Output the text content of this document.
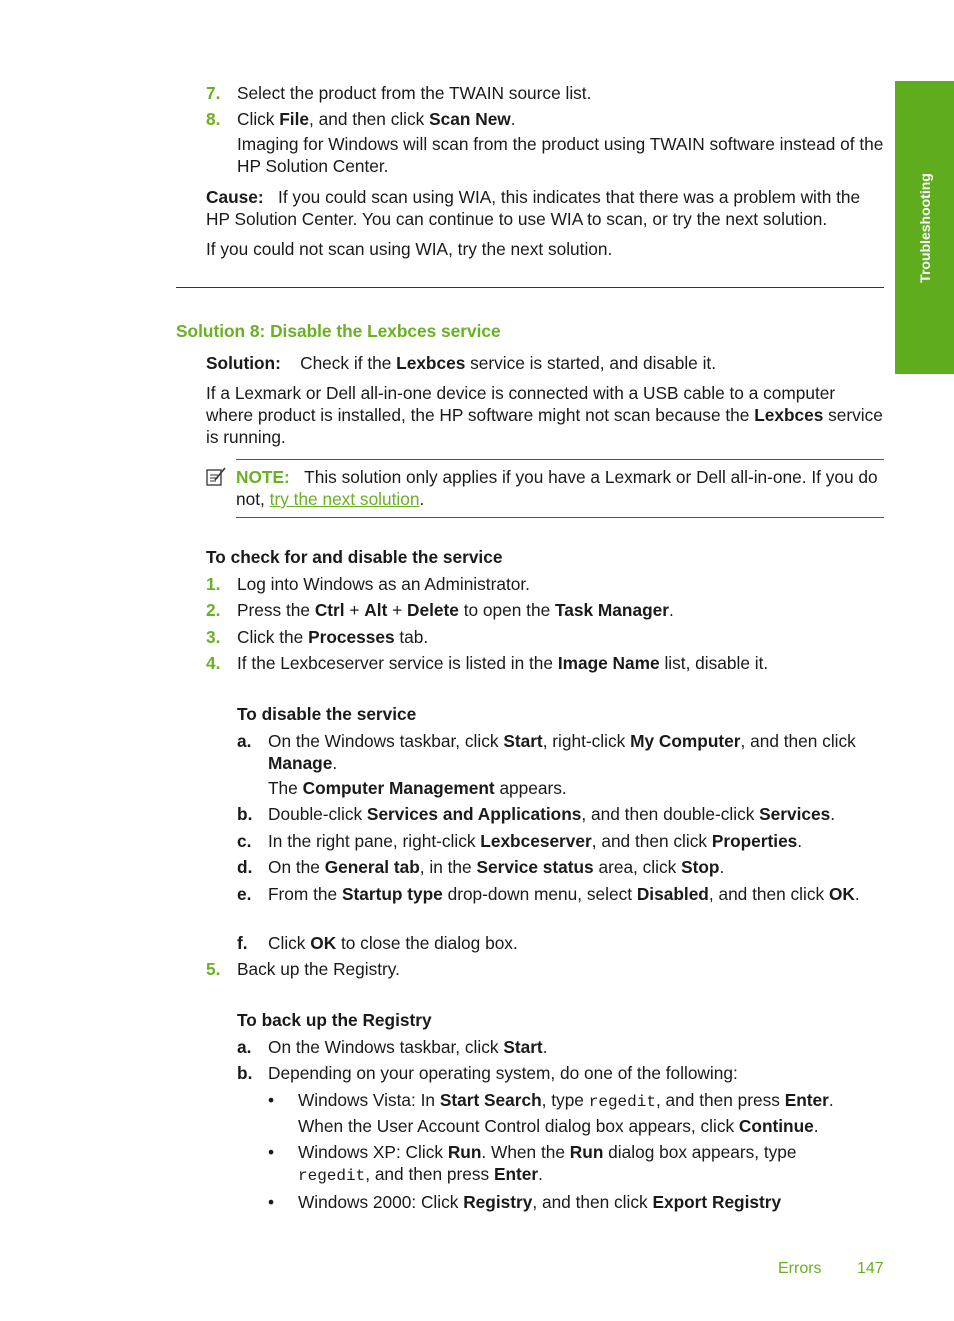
Troubleshooting
7. Select the product from the TWAIN source list.
8. Click File, and then click Scan New.
Imaging for Windows will scan from the product using TWAIN software instead of the HP Solution Center.
Cause: If you could scan using WIA, this indicates that there was a problem with the HP Solution Center. You can continue to use WIA to scan, or try the next solution.
If you could not scan using WIA, try the next solution.
Solution 8: Disable the Lexbces service
Solution: Check if the Lexbces service is started, and disable it.
If a Lexmark or Dell all-in-one device is connected with a USB cable to a computer where product is installed, the HP software might not scan because the Lexbces service is running.
NOTE: This solution only applies if you have a Lexmark or Dell all-in-one. If you do not, try the next solution.
To check for and disable the service
1. Log into Windows as an Administrator.
2. Press the Ctrl + Alt + Delete to open the Task Manager.
3. Click the Processes tab.
4. If the Lexbceserver service is listed in the Image Name list, disable it.
To disable the service
a. On the Windows taskbar, click Start, right-click My Computer, and then click Manage.
The Computer Management appears.
b. Double-click Services and Applications, and then double-click Services.
c. In the right pane, right-click Lexbceserver, and then click Properties.
d. On the General tab, in the Service status area, click Stop.
e. From the Startup type drop-down menu, select Disabled, and then click OK.
f. Click OK to close the dialog box.
5. Back up the Registry.
To back up the Registry
a. On the Windows taskbar, click Start.
b. Depending on your operating system, do one of the following:
• Windows Vista: In Start Search, type regedit, and then press Enter.
When the User Account Control dialog box appears, click Continue.
• Windows XP: Click Run. When the Run dialog box appears, type
regedit, and then press Enter.
• Windows 2000: Click Registry, and then click Export Registry
Errors 147
